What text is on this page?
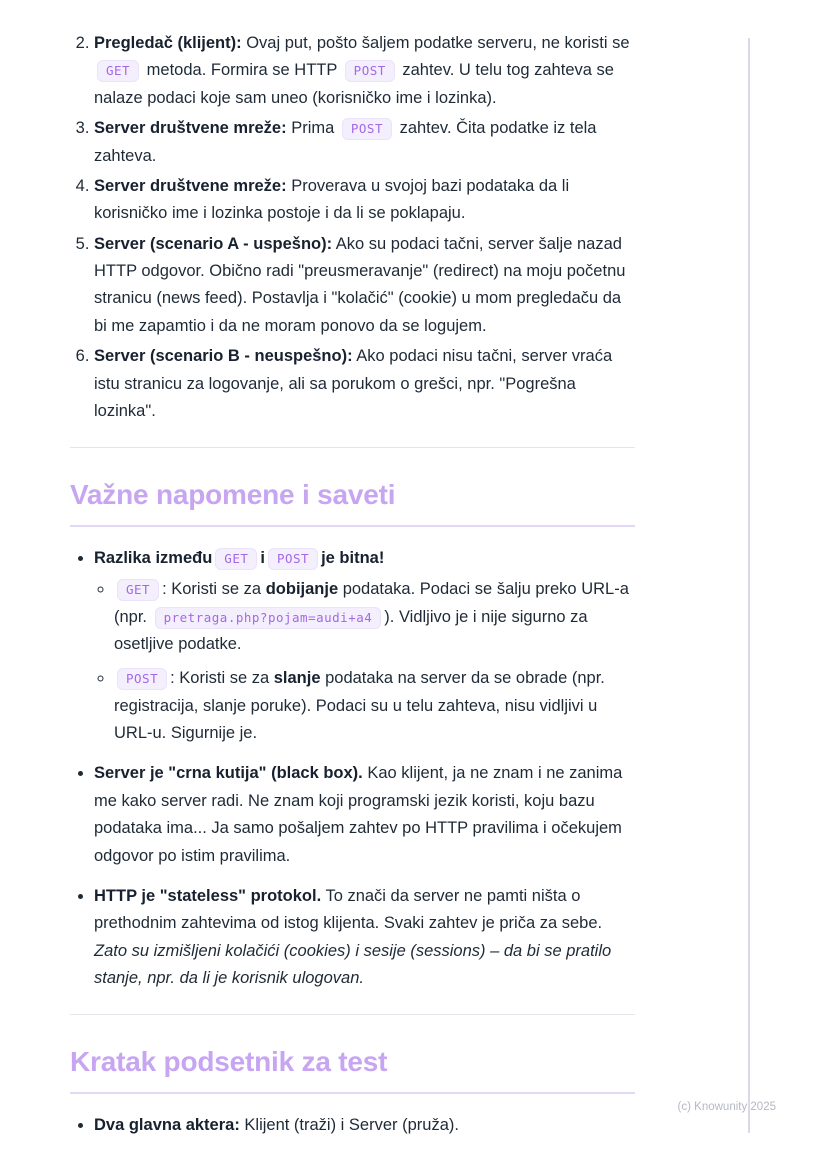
2. Pregledač (klijent): Ovaj put, pošto šaljem podatke serveru, ne koristi se GET metoda. Formira se HTTP POST zahtev. U telu tog zahteva se nalaze podaci koje sam uneo (korisničko ime i lozinka).
3. Server društvene mreže: Prima POST zahtev. Čita podatke iz tela zahteva.
4. Server društvene mreže: Proverava u svojoj bazi podataka da li korisničko ime i lozinka postoje i da li se poklapaju.
5. Server (scenario A - uspešno): Ako su podaci tačni, server šalje nazad HTTP odgovor. Obično radi "preusmeravanje" (redirect) na moju početnu stranicu (news feed). Postavlja i "kolačić" (cookie) u mom pregledaču da bi me zapamtio i da ne moram ponovo da se logujem.
6. Server (scenario B - neuspešno): Ako podaci nisu tačni, server vraća istu stranicu za logovanje, ali sa porukom o grešci, npr. "Pogrešna lozinka".
Važne napomene i saveti
• Razlika između GET i POST je bitna!
◦ GET : Koristi se za dobijanje podataka. Podaci se šalju preko URL-a (npr. pretraga.php?pojam=audi+a4 ). Vidljivo je i nije sigurno za osetljive podatke.
◦ POST : Koristi se za slanje podataka na server da se obrade (npr. registracija, slanje poruke). Podaci su u telu zahteva, nisu vidljivi u URL-u. Sigurnije je.
• Server je "crna kutija" (black box). Kao klijent, ja ne znam i ne zanima me kako server radi. Ne znam koji programski jezik koristi, koju bazu podataka ima... Ja samo pošaljem zahtev po HTTP pravilima i očekujem odgovor po istim pravilima.
• HTTP je "stateless" protokol. To znači da server ne pamti ništa o prethodnim zahtevima od istog klijenta. Svaki zahtev je priča za sebe. Zato su izmišljeni kolačići (cookies) i sesije (sessions) – da bi se pratilo stanje, npr. da li je korisnik ulogovan.
Kratak podsetnik za test
• Dva glavna aktera: Klijent (traži) i Server (pruža).
(c) Knowunity 2025
